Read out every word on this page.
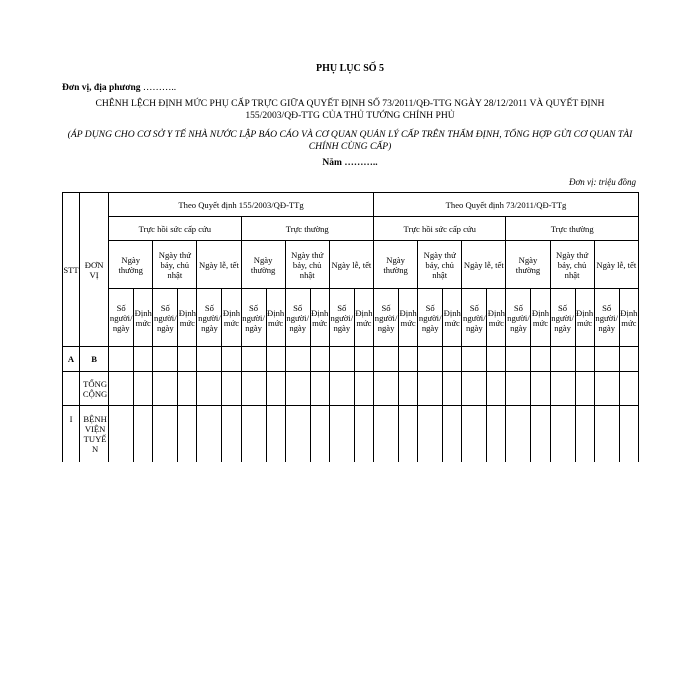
PHỤ LỤC SỐ 5
Đơn vị, địa phương ………..
CHÊNH LỆCH ĐỊNH MỨC PHỤ CẤP TRỰC GIỮA QUYẾT ĐỊNH SỐ 73/2011/QĐ-TTG NGÀY 28/12/2011 VÀ QUYẾT ĐỊNH 155/2003/QĐ-TTG CỦA THỦ TƯỚNG CHÍNH PHỦ
(ÁP DỤNG CHO CƠ SỞ Y TẾ NHÀ NƯỚC LẬP BÁO CÁO VÀ CƠ QUAN QUẢN LÝ CẤP TRÊN THẨM ĐỊNH, TỔNG HỢP GỬI CƠ QUAN TÀI CHÍNH CÙNG CẤP)
Năm ………..
Đơn vị: triệu đồng
STT	ĐƠN VỊ	Theo Quyết định 155/2003/QĐ-TTg												Theo Quyết định 73/2011/QĐ-TTg											
		Trực hồi sức cấp cứu						Trực thường						Trực hồi sức cấp cứu						Trực thường					
		Ngày thường		Ngày thứ bảy, chủ nhật		Ngày lễ, tết		Ngày thường		Ngày thứ bảy, chủ nhật		Ngày lễ, tết		Ngày thường		Ngày thứ bảy, chủ nhật		Ngày lễ, tết		Ngày thường		Ngày thứ bảy, chủ nhật		Ngày lễ, tết	
		Số người/ngày	Định mức	Số người/ngày	Định mức	Số người/ngày	Định mức	Số người/ngày	Định mức	Số người/ngày	Định mức	Số người/ngày	Định mức	Số người/ngày	Định mức	Số người/ngày	Định mức	Số người/ngày	Định mức	Số người/ngày	Định mức	Số người/ngày	Định mức	Số người/ngày	Định mức
A	B																								
	TỔNG CỘNG																								
I	BỆNH VIỆN TUYẾN																								
